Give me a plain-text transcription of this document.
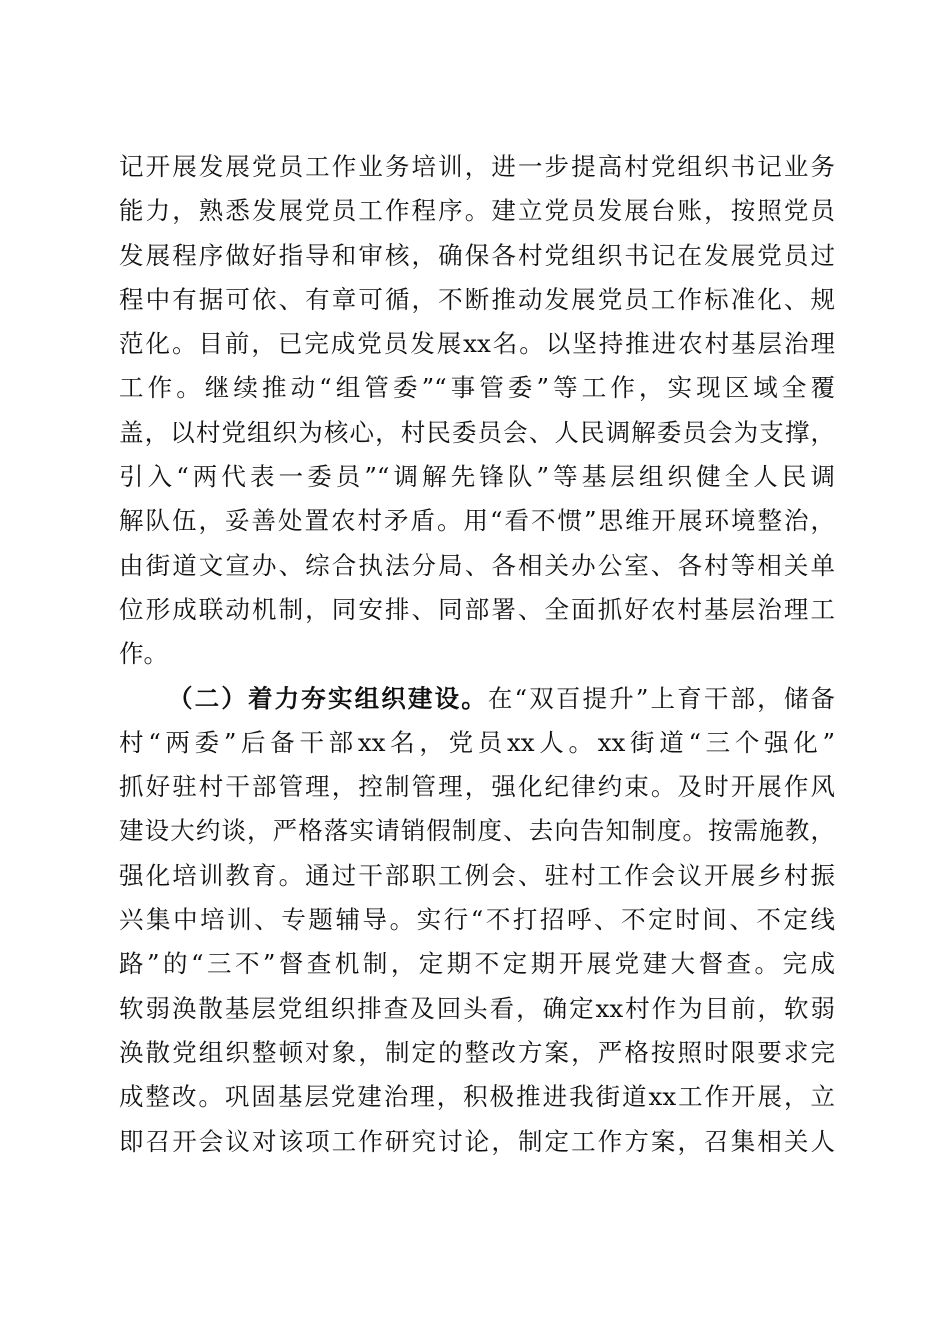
记开展发展党员工作业务培训，进一步提高村党组织书记业务
能力，熟悉发展党员工作程序。建立党员发展台账，按照党员
发展程序做好指导和审核，确保各村党组织书记在发展党员过
程中有据可依、有章可循，不断推动发展党员工作标准化、规
范化。目前，已完成党员发展xx名。以坚持推进农村基层治理
工作。继续推动“组管委”“事管委”等工作，实现区域全覆
盖，以村党组织为核心，村民委员会、人民调解委员会为支撑，
引入“两代表一委员”“调解先锋队”等基层组织健全人民调
解队伍，妥善处置农村矛盾。用“看不惯”思维开展环境整治，
由街道文宣办、综合执法分局、各相关办公室、各村等相关单
位形成联动机制，同安排、同部署、全面抓好农村基层治理工
作。
（二）着力夯实组织建设。在“双百提升”上育干部，储备
村“两委”后备干部xx名，党员xx人。xx街道“三个强化”
抓好驻村干部管理，控制管理，强化纪律约束。及时开展作风
建设大约谈，严格落实请销假制度、去向告知制度。按需施教，
强化培训教育。通过干部职工例会、驻村工作会议开展乡村振
兴集中培训、专题辅导。实行“不打招呼、不定时间、不定线
路”的“三不”督查机制，定期不定期开展党建大督查。完成
软弱涣散基层党组织排查及回头看，确定xx村作为目前，软弱
涣散党组织整顿对象，制定的整改方案，严格按照时限要求完
成整改。巩固基层党建治理，积极推进我街道xx工作开展，立
即召开会议对该项工作研究讨论，制定工作方案，召集相关人
